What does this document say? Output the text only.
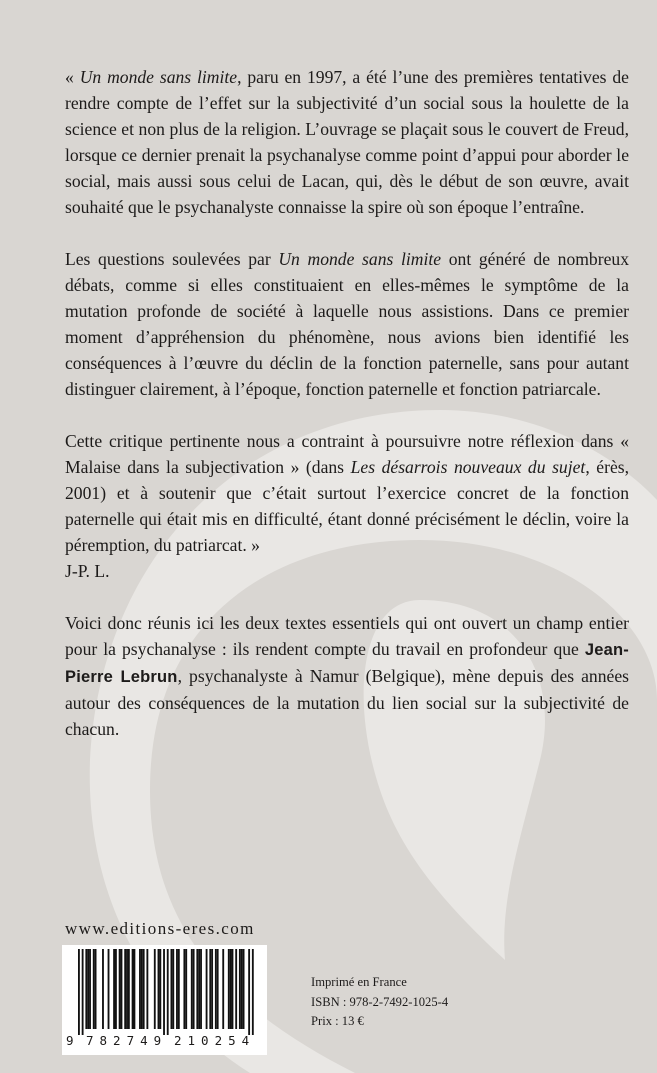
« Un monde sans limite, paru en 1997, a été l’une des premières tentatives de rendre compte de l’effet sur la subjectivité d’un social sous la houlette de la science et non plus de la religion. L’ouvrage se plaçait sous le couvert de Freud, lorsque ce dernier prenait la psychanalyse comme point d’appui pour aborder le social, mais aussi sous celui de Lacan, qui, dès le début de son œuvre, avait souhaité que le psychanalyste connaisse la spire où son époque l’entraîne.

Les questions soulevées par Un monde sans limite ont généré de nombreux débats, comme si elles constituaient en elles-mêmes le symptôme de la mutation profonde de société à laquelle nous assistions. Dans ce premier moment d’appréhension du phénomène, nous avions bien identifié les conséquences à l’œuvre du déclin de la fonction paternelle, sans pour autant distinguer clairement, à l’époque, fonction paternelle et fonction patriarcale.

Cette critique pertinente nous a contraint à poursuivre notre réflexion dans « Malaise dans la subjectivation » (dans Les désarrois nouveaux du sujet, érès, 2001) et à soutenir que c’était surtout l’exercice concret de la fonction paternelle qui était mis en difficulté, étant donné précisément le déclin, voire la péremption, du patriarcat. »

J-P. L.

Voici donc réunis ici les deux textes essentiels qui ont ouvert un champ entier pour la psychanalyse : ils rendent compte du travail en profondeur que Jean-Pierre Lebrun, psychanalyste à Namur (Belgique), mène depuis des années autour des conséquences de la mutation du lien social sur la subjectivité de chacun.

www.editions-eres.com
9 782749 210254
Imprimé en France
ISBN : 978-2-7492-1025-4
Prix : 13 €
